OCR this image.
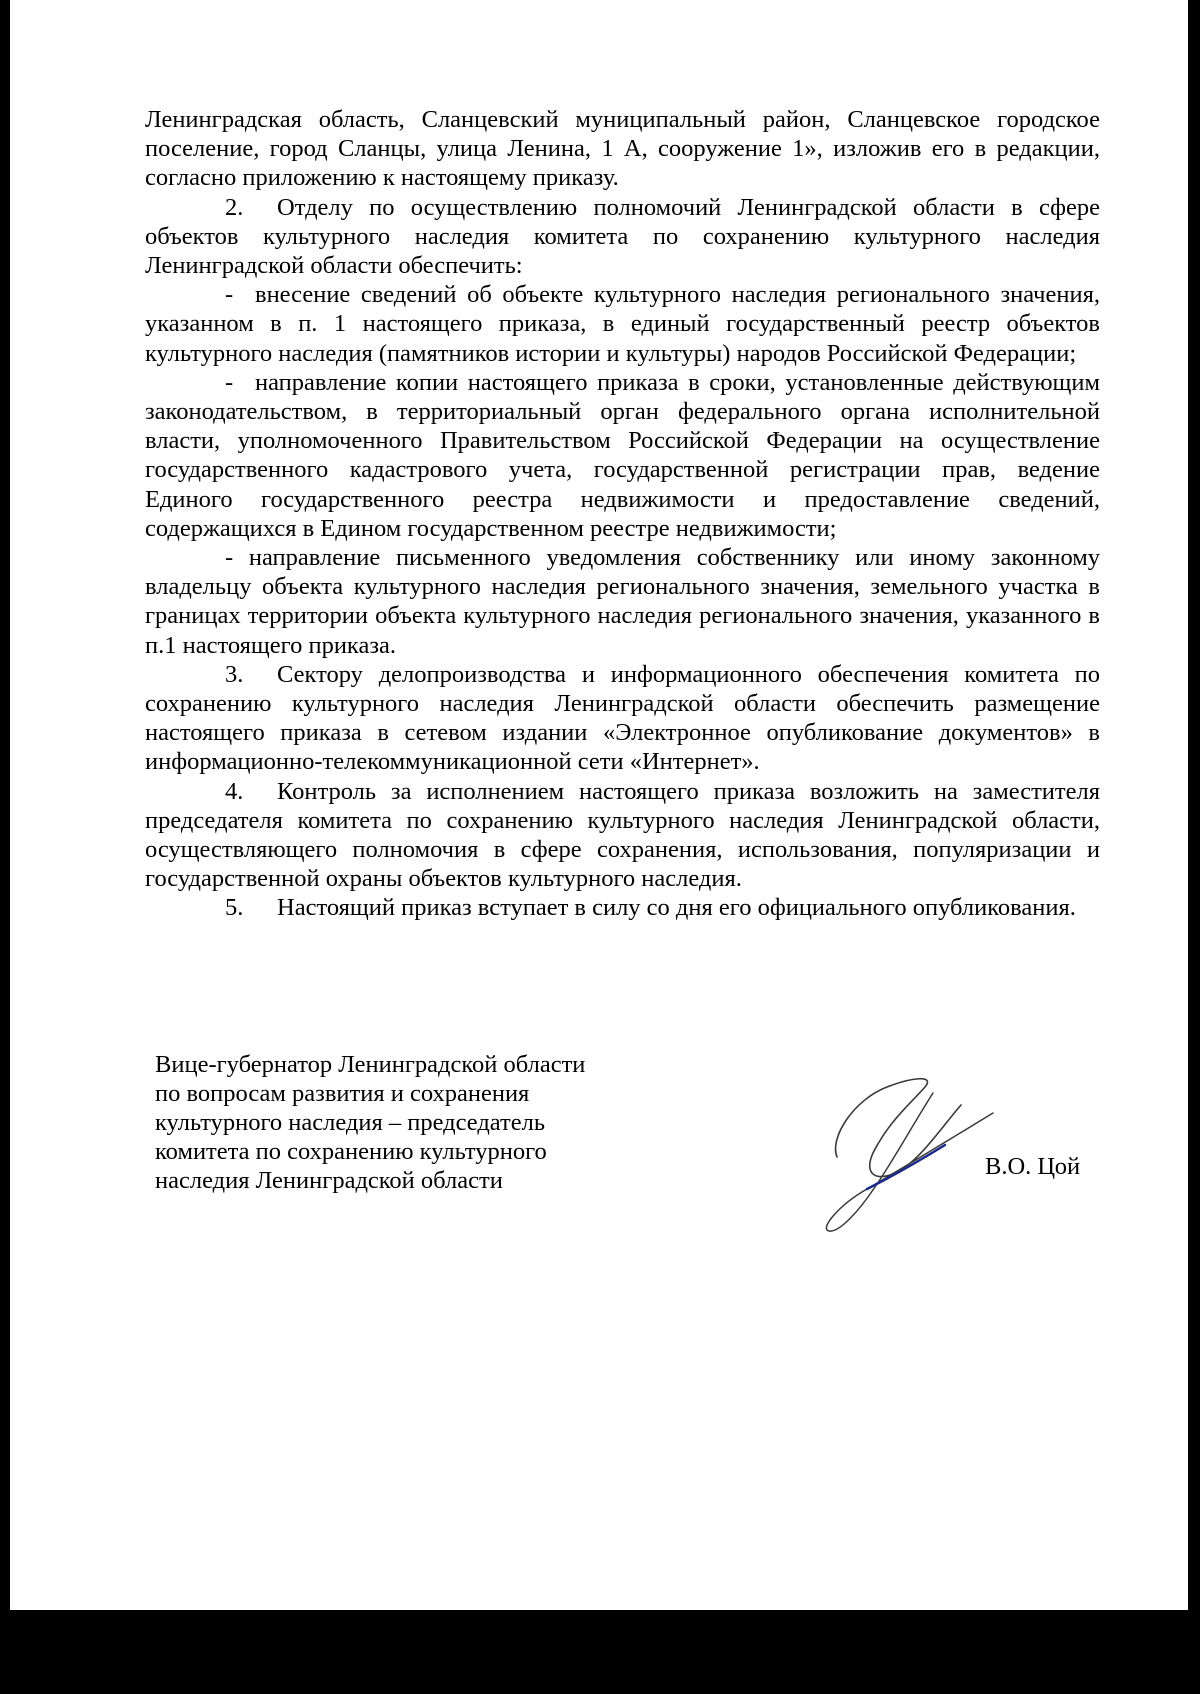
Ленинградская область, Сланцевский муниципальный район, Сланцевское городское поселение, город Сланцы, улица Ленина, 1 А, сооружение 1», изложив его в редакции, согласно приложению к настоящему приказу.

2. Отделу по осуществлению полномочий Ленинградской области в сфере объектов культурного наследия комитета по сохранению культурного наследия Ленинградской области обеспечить:

- внесение сведений об объекте культурного наследия регионального значения, указанном в п. 1 настоящего приказа, в единый государственный реестр объектов культурного наследия (памятников истории и культуры) народов Российской Федерации;

- направление копии настоящего приказа в сроки, установленные действующим законодательством, в территориальный орган федерального органа исполнительной власти, уполномоченного Правительством Российской Федерации на осуществление государственного кадастрового учета, государственной регистрации прав, ведение Единого государственного реестра недвижимости и предоставление сведений, содержащихся в Едином государственном реестре недвижимости;

- направление письменного уведомления собственнику или иному законному владельцу объекта культурного наследия регионального значения, земельного участка в границах территории объекта культурного наследия регионального значения, указанного в п.1 настоящего приказа.

3. Сектору делопроизводства и информационного обеспечения комитета по сохранению культурного наследия Ленинградской области обеспечить размещение настоящего приказа в сетевом издании «Электронное опубликование документов» в информационно-телекоммуникационной сети «Интернет».

4. Контроль за исполнением настоящего приказа возложить на заместителя председателя комитета по сохранению культурного наследия Ленинградской области, осуществляющего полномочия в сфере сохранения, использования, популяризации и государственной охраны объектов культурного наследия.

5. Настоящий приказ вступает в силу со дня его официального опубликования.

Вице-губернатор Ленинградской области
по вопросам развития и сохранения
культурного наследия – председатель
комитета по сохранению культурного
наследия Ленинградской области
В.О. Цой
